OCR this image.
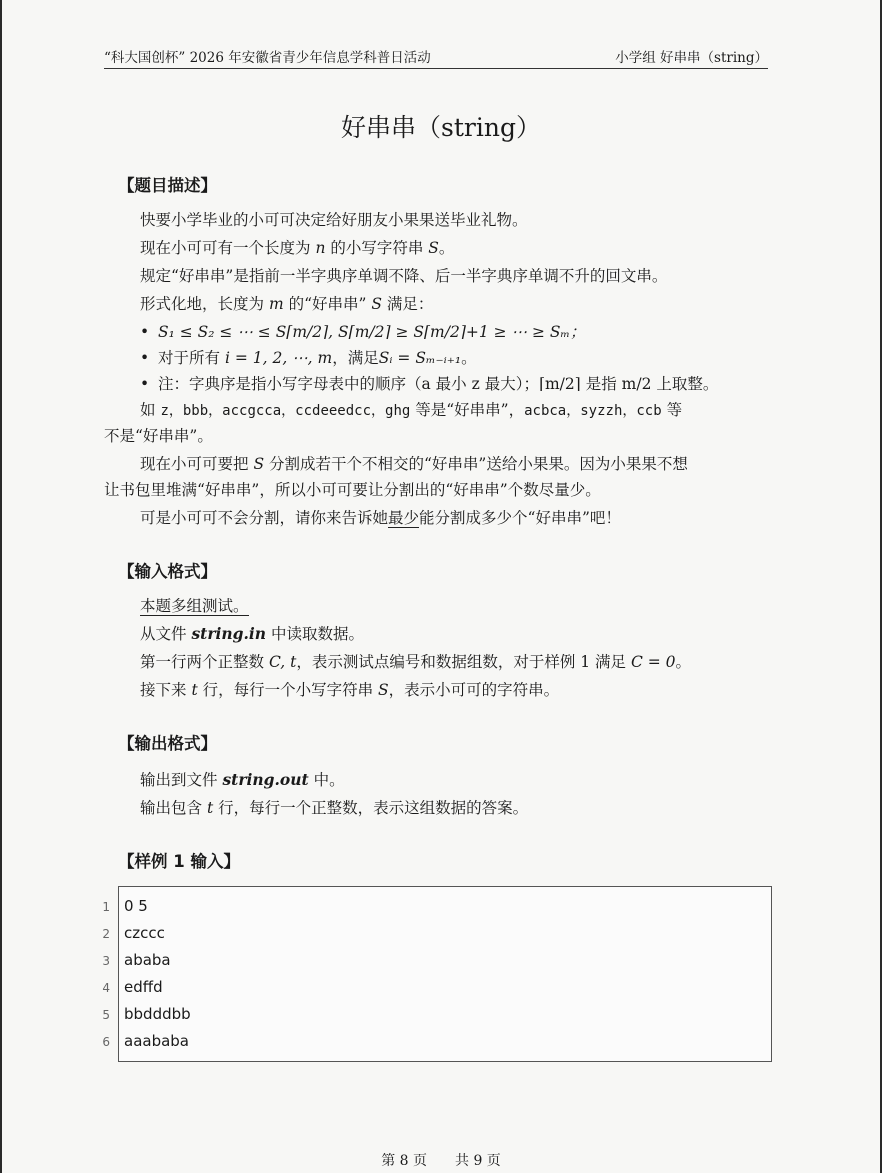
“科大国创杯” 2026 年安徽省青少年信息学科普日活动	小学组 好串串（string）
好串串（string）
【题目描述】
快要小学毕业的小可可决定给好朋友小果果送毕业礼物。
现在小可可有一个长度为 n 的小写字符串 S。
规定“好串串”是指前一半字典序单调不降、后一半字典序单调不升的回文串。
形式化地，长度为 m 的“好串串” S 满足：
• S₁ ≤ S₂ ≤ ⋯ ≤ S⌈m/2⌉, S⌈m/2⌉ ≥ S⌈m/2⌉+1 ≥ ⋯ ≥ Sₘ；
• 对于所有 i = 1, 2, ⋯, m，满足Sᵢ = Sₘ₋ᵢ₊₁。
• 注：字典序是指小写字母表中的顺序（a 最小 z 最大）；⌈m/2⌉ 是指 m/2 上取整。
如 z，bbb，accgcca，ccdeeedcc，ghg 等是“好串串”，acbca，syzzh，ccb 等
不是“好串串”。
现在小可可要把 S 分割成若干个不相交的“好串串”送给小果果。因为小果果不想
让书包里堆满“好串串”，所以小可可要让分割出的“好串串”个数尽量少。
可是小可可不会分割，请你来告诉她最少能分割成多少个“好串串”吧！
【输入格式】
本题多组测试。
从文件 string.in 中读取数据。
第一行两个正整数 C, t，表示测试点编号和数据组数，对于样例 1 满足 C = 0。
接下来 t 行，每行一个小写字符串 S，表示小可可的字符串。
【输出格式】
输出到文件 string.out 中。
输出包含 t 行，每行一个正整数，表示这组数据的答案。
【样例 1 输入】
1 0 5
2 czccc
3 ababa
4 edffd
5 bbdddbb
6 aaababa
第 8 页 共 9 页
